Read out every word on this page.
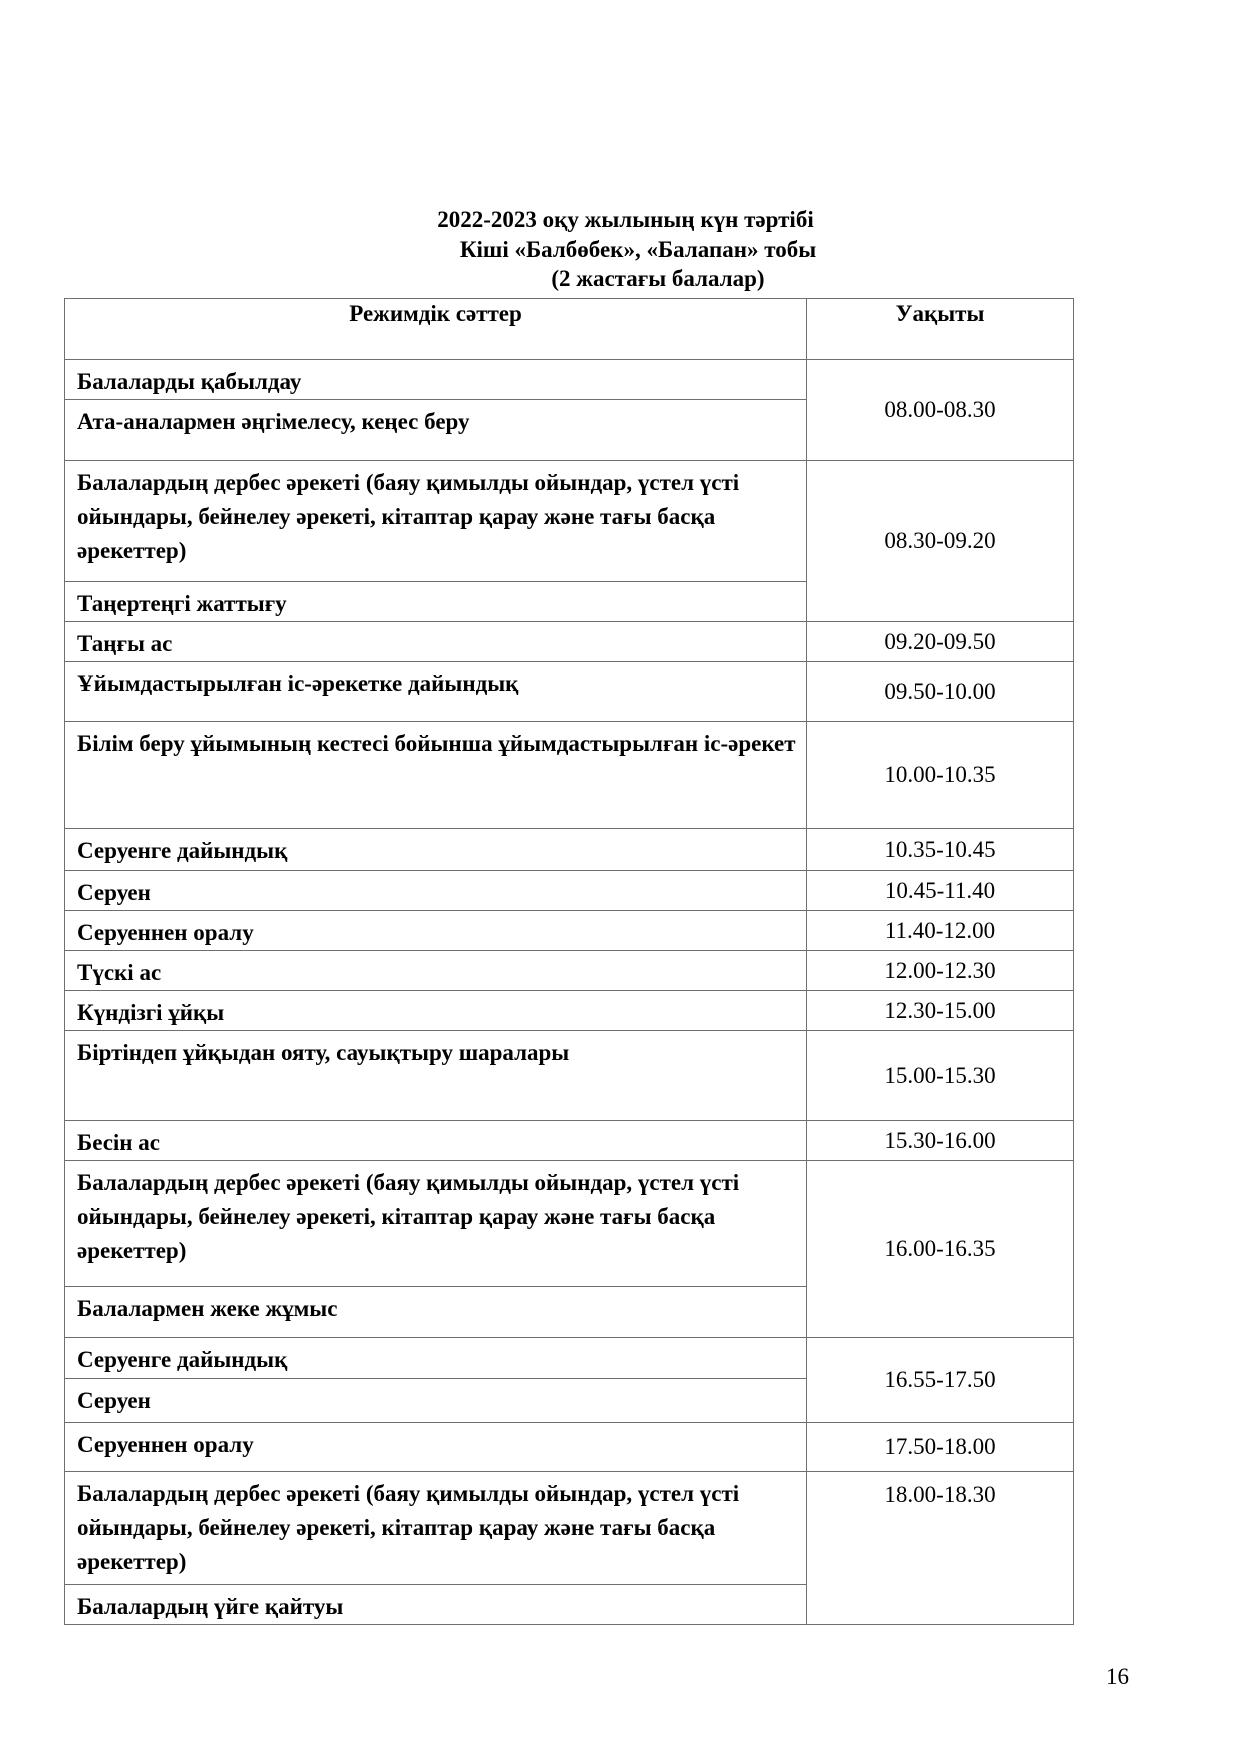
2022-2023 оқу жылының күн тәртібі

Кіші «Балбөбек», «Балапан» тобы

(2 жастағы балалар)

Режимдік сәттер	Уақыты
Балаларды қабылдау	08.00-08.30
Ата-аналармен әңгімелесу, кеңес беру	
Балалардың дербес әрекеті (баяу қимылды ойындар, үстел үсті ойындары, бейнелеу әрекеті, кітаптар қарау және тағы басқа әрекеттер)	08.30-09.20
Таңертеңгі жаттығу	
Таңғы ас	09.20-09.50
Ұйымдастырылған іс-әрекетке дайындық	09.50-10.00
Білім беру ұйымының кестесі бойынша ұйымдастырылған іс-әрекет	10.00-10.35
Серуенге дайындық	10.35-10.45
Серуен	10.45-11.40
Серуеннен оралу	11.40-12.00
Түскі ас	12.00-12.30
Күндізгі ұйқы	12.30-15.00
Біртіндеп ұйқыдан ояту, сауықтыру шаралары	15.00-15.30
Бесін ас	15.30-16.00
Балалардың дербес әрекеті (баяу қимылды ойындар, үстел үсті ойындары, бейнелеу әрекеті, кітаптар қарау және тағы басқа әрекеттер)	16.00-16.35
Балалармен жеке жұмыс	
Серуенге дайындық	16.55-17.50
Серуен	
Серуеннен оралу	17.50-18.00
Балалардың дербес әрекеті (баяу қимылды ойындар, үстел үсті ойындары, бейнелеу әрекеті, кітаптар қарау және тағы басқа әрекеттер)	18.00-18.30
Балалардың үйге қайтуы	
16
